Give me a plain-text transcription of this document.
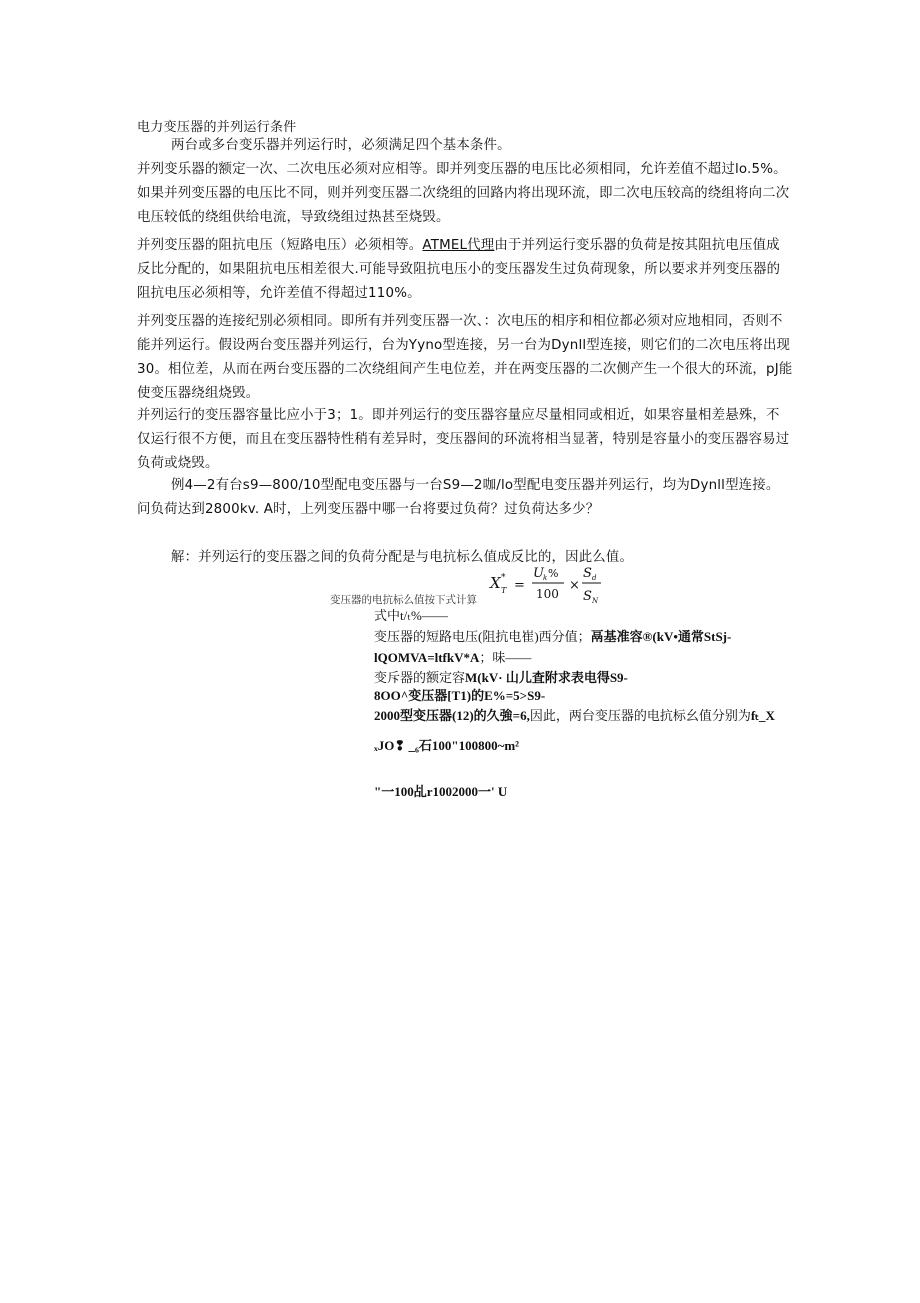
电力变压器的并列运行条件

两台或多台变乐器并列运行时，必须满足四个基本条件。

并列变乐器的额定一次、二次电压必须对应相等。即并列变压器的电压比必须相同，允许差值不超过lo.5%。如果并列变压器的电压比不同，则并列变压器二次绕组的回路内将出现环流，即二次电压较高的绕组将向二次电压较低的绕组供给电流，导致绕组过热甚至烧毁。

并列变压器的阻抗电压（短路电压）必须相等。ATMEL代理由于并列运行变乐器的负荷是按其阻抗电压值成反比分配的，如果阻抗电压相差很大.可能导致阻抗电压小的变压器发生过负荷现象，所以要求并列变压器的阻抗电压必须相等，允许差值不得超过110%。

并列变压器的连接纪别必须相同。即所有并列变压器一次、：次电压的相序和相位都必须对应地相同，否则不能并列运行。假设两台变压器并列运行，台为Yyno型连接，另一台为Dynll型连接，则它们的二次电压将出现30。相位差，从而在两台变压器的二次绕组间产生电位差，并在两变压器的二次侧产生一个很大的环流，pJ能使变压器绕组烧毁。

并列运行的变压器容量比应小于3；1。即并列运行的变压器容量应尽量相同或相近，如果容量相差悬殊，不仅运行很不方便，而且在变压器特性稍有差异时，变压器间的环流将相当显著，特别是容量小的变压器容易过负荷或烧毁。

例4—2有台s9—800/10型配电变压器与一台S9—2咖/lo型配电变压器并列运行，均为Dynll型连接。问负荷达到2800kv. A时，上列变压器中哪一台将要过负荷？过负荷达多少？

解：并列运行的变压器之间的负荷分配是与电抗标么值成反比的，因此么值。

变压器的电抗标么值按下式计算
X T
* =
U k %
100
×
S d
S N
式中t/ₜ%——
变压器的短路电压(阻抗电崔)西分值；鬲基准容®(kV•通常StSj-
lQOMVA=ltfkV*A；味——
变斥器的额定容M(kV· 山儿査附求表电得S9-
8OO^变压器[T1)的E%=5>S9-
2000型变压器(12)的久強=6,因此，两台变压器的电抗标幺值分别为fₜ_X
ₓJO❢ _₆石100"100800~m²
"一100乩r1002000一' U
